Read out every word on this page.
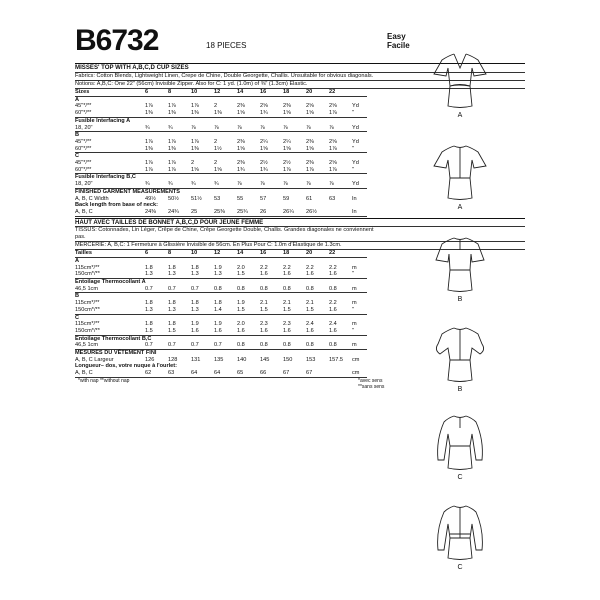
B6732	18 PIECES
Easy
Facile
MISSES' TOP WITH A,B,C,D CUP SIZES
Fabrics: Cotton Blends, Lightweight Linen, Crepe de Chine, Double Georgette, Challis. Unsuitable for obvious diagonals.
Notions: A,B,C: One 22" (56cm) Invisible Zipper. Also for C: 1 yd. (1.0m) of ⅜" (1.3cm) Elastic.
Sizes	6	8	10	12	14	16	18	20	22	
A										
45"*/**	1⅞	1⅞	1⅞	2	2⅜	2⅝	2⅜	2⅝	2⅝	Yd
60"*/**	1⅜	1⅜	1⅜	1⅜	1⅝	1¾	1⅝	1⅝	1⅞	"
Fusible Interfacing A										
18, 20"	¾	¾	⅞	⅞	⅞	⅞	⅞	⅞	⅞	Yd
B										
45"*/**	1⅞	1⅞	1⅞	2	2⅜	2¼	2¼	2⅜	2⅝	Yd
60"*/**	1⅜	1⅜	1⅜	1½	1⅝	1⅝	1⅝	1⅝	1⅞	"
C										
45"*/**	1⅞	1⅞	2	2	2⅜	2½	2½	2⅜	2⅝	Yd
60"*/**	1⅞	1⅞	1⅝	1⅝	1¾	1¾	1⅞	1⅞	1⅞	"
Fusible Interfacing B,C										
18, 20"	¾	¾	¾	¾	⅞	⅞	⅞	⅞	⅞	Yd
FINISHED GARMENT MEASUREMENTS										
A, B, C Width	49½	50½	51½	53	55	57	59	61	63	In
Back length from base of neck:										
A, B, C	24⅜	24¾	25	25⅜	25¾	26	26¼	26½		In
HAUT AVEC TAILLES DE BONNET A,B,C,D POUR JEUNE FEMME
TISSUS: Cotonnades, Lin Léger, Crêpe de Chine, Crêpe Georgette Double, Challis. Grandes diagonales ne conviennent pas.
MERCERIE: A, B,C: 1 Fermeture à Glissière Invisible de 56cm. En Plus Pour C: 1.0m d'Élastique de 1.3cm.
Tailles	6	8	10	12	14	16	18	20	22	
A										
115cm*/**	1.8	1.8	1.8	1.9	2.0	2.2	2.2	2.2	2.2	m
150cm*/**	1.3	1.3	1.3	1.3	1.5	1.6	1.6	1.6	1.6	"
Entoilage Thermocollant A										
46,5 1cm	0.7	0.7	0.7	0.8	0.8	0.8	0.8	0.8	0.8	m
B										
115cm*/**	1.8	1.8	1.8	1.8	1.9	2.1	2.1	2.1	2.2	m
150cm*/**	1.3	1.3	1.3	1.4	1.5	1.5	1.5	1.5	1.6	"
C										
115cm*/**	1.8	1.8	1.9	1.9	2.0	2.3	2.3	2.4	2.4	m
150cm*/**	1.5	1.5	1.6	1.6	1.6	1.6	1.6	1.6	1.6	"
Entoilage Thermocollant B,C										
46,5 1cm	0.7	0.7	0.7	0.7	0.8	0.8	0.8	0.8	0.8	m
MESURES DU VÊTEMENT FINI										
A, B, C Largeur	126	128	131	135	140	145	150	153	157.5	cm
Longueur– dos, votre nuque à l'ourlet:										
A, B, C	62	63	64	64	65	66	67	67		cm
*with nap **without nap	*avec sens **sans sens
A
A
B
B
C
C
